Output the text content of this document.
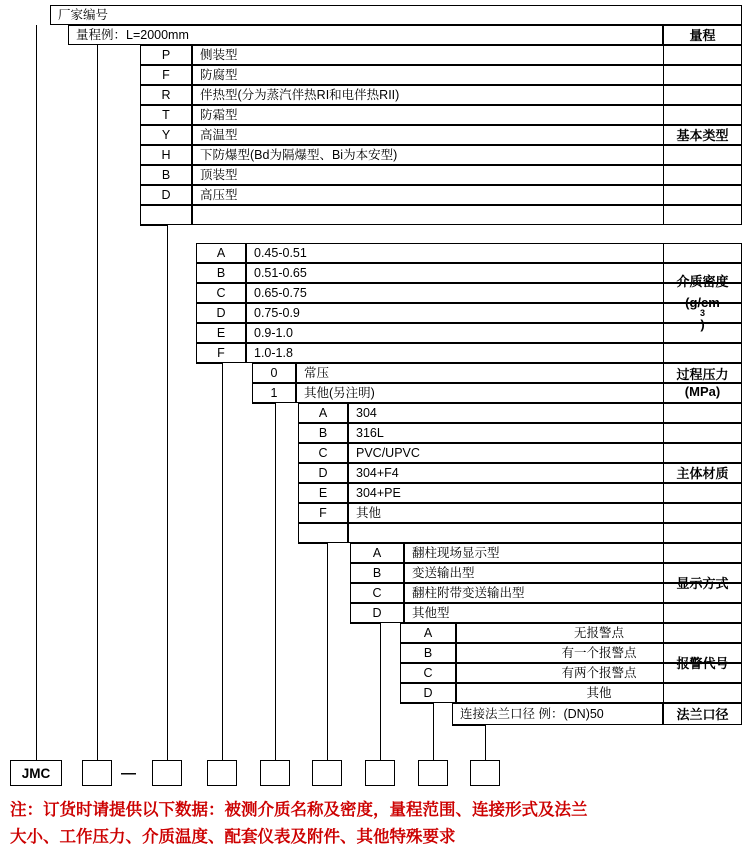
厂家编号
量程例：L=2000mm	量程
P	侧装型
F	防腐型
R	伴热型(分为蒸汽伴热RI和电伴热RII)
T	防霜型
Y	高温型
H	下防爆型(Bd为隔爆型、Bi为本安型)
B	顶装型
D	高压型
基本类型
A	0.45-0.51
B	0.51-0.65
C	0.65-0.75
D	0.75-0.9
E	0.9-1.0
F	1.0-1.8
介质密度
(g/cm
3
)
0	常压
1	其他(另注明)
过程压力
(MPa)
A	304
B	316L
C	PVC/UPVC
D	304+F4
E	304+PE
F	其他
主体材质
A	翻柱现场显示型
B	变送输出型
C	翻柱附带变送输出型
D	其他型
显示方式
A	无报警点
B	有一个报警点
C	有两个报警点
D	其他
报警代号
连接法兰口径 例：(DN)50	法兰口径
JMC	—
注：订货时请提供以下数据：被测介质名称及密度，量程范围、连接形式及法兰
大小、工作压力、介质温度、配套仪表及附件、其他特殊要求
